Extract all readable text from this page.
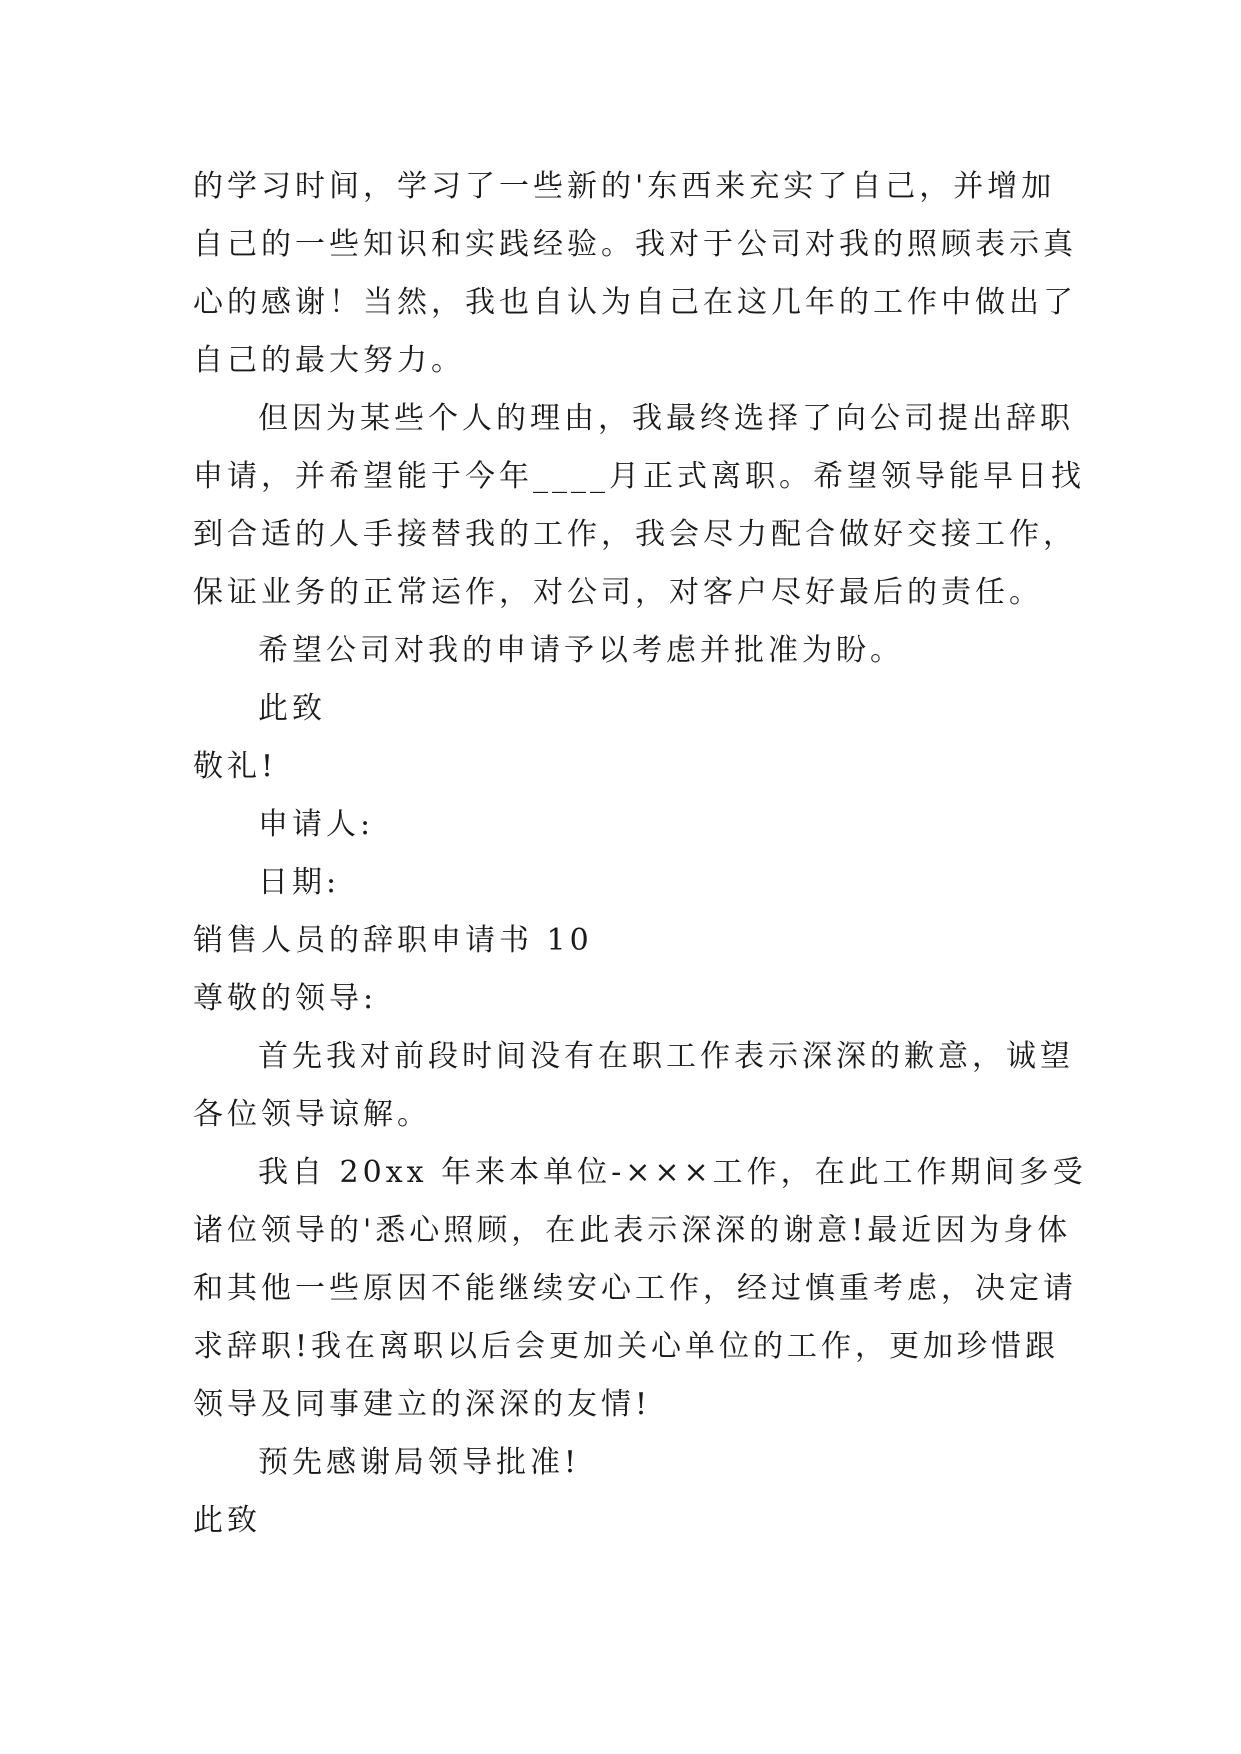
的学习时间，学习了一些新的'东西来充实了自己，并增加
自己的一些知识和实践经验。我对于公司对我的照顾表示真
心的感谢！当然，我也自认为自己在这几年的工作中做出了
自己的最大努力。
但因为某些个人的理由，我最终选择了向公司提出辞职
申请，并希望能于今年____月正式离职。希望领导能早日找
到合适的人手接替我的工作，我会尽力配合做好交接工作，
保证业务的正常运作，对公司，对客户尽好最后的责任。
希望公司对我的申请予以考虑并批准为盼。
此致
敬礼!
申请人:
日期:
销售人员的辞职申请书 10
尊敬的领导:
首先我对前段时间没有在职工作表示深深的歉意，诚望
各位领导谅解。
我自 20xx 年来本单位-×××工作，在此工作期间多受
诸位领导的'悉心照顾，在此表示深深的谢意!最近因为身体
和其他一些原因不能继续安心工作，经过慎重考虑，决定请
求辞职!我在离职以后会更加关心单位的工作，更加珍惜跟
领导及同事建立的深深的友情!
预先感谢局领导批准!
此致
